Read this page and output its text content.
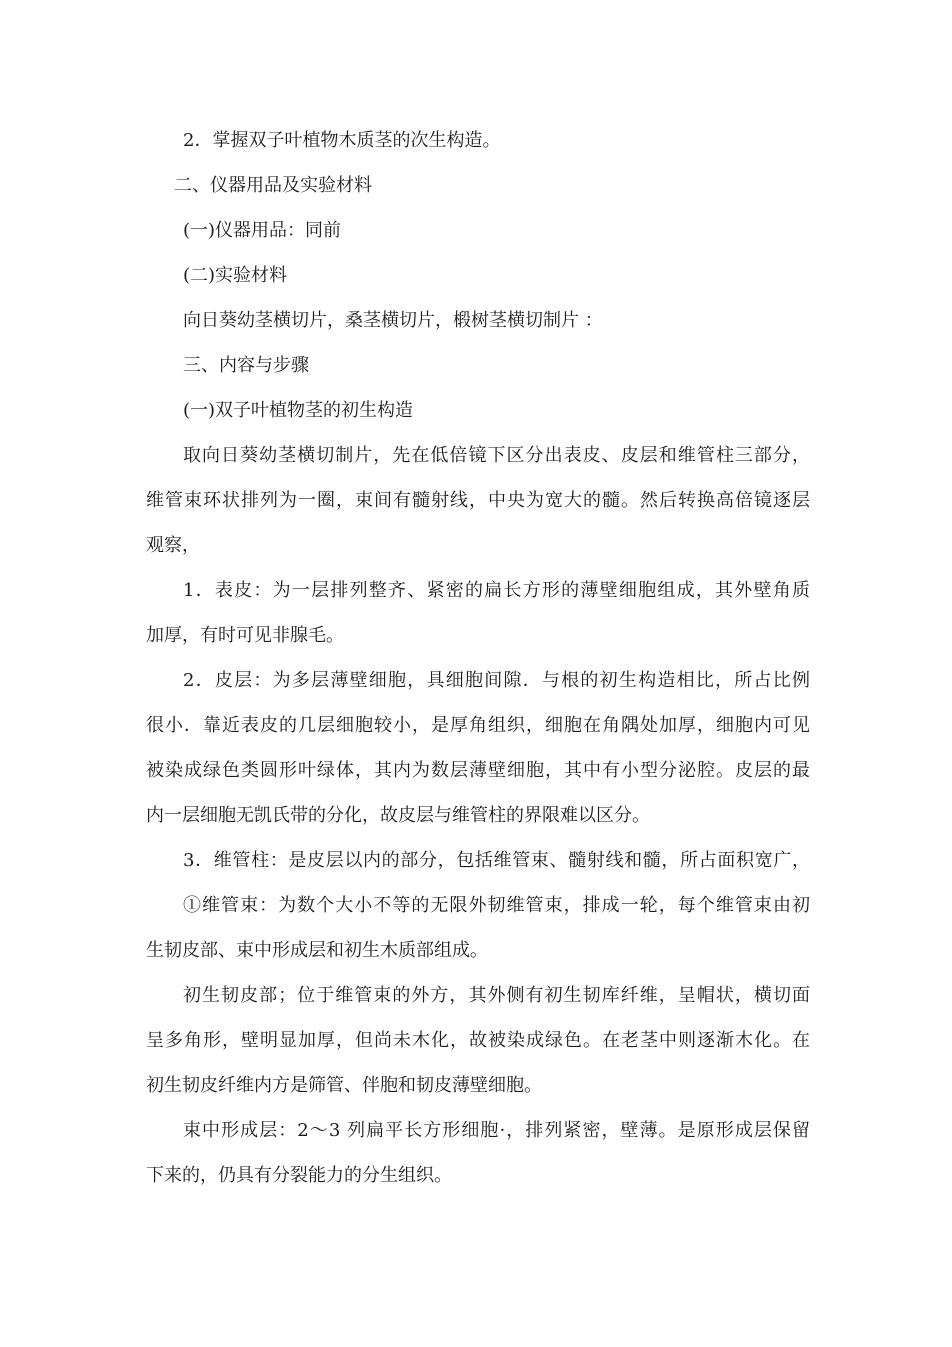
2．掌握双子叶植物木质茎的次生构造。
二、仪器用品及实验材料
(一)仪器用品：同前
(二)实验材料
向日葵幼茎横切片，桑茎横切片，椴树茎横切制片 ：
三、内容与步骤
(一)双子叶植物茎的初生构造
取向日葵幼茎横切制片，先在低倍镜下区分出表皮、皮层和维管柱三部分，
维管束环状排列为一圈，束间有髓射线，中央为宽大的髓。然后转换高倍镜逐层
观察，
1．表皮：为一层排列整齐、紧密的扁长方形的薄壁细胞组成，其外壁角质
加厚，有时可见非腺毛。
2．皮层：为多层薄壁细胞，具细胞间隙．与根的初生构造相比，所占比例
很小．靠近表皮的几层细胞较小，是厚角组织，细胞在角隅处加厚，细胞内可见
被染成绿色类圆形叶绿体，其内为数层薄壁细胞，其中有小型分泌腔。皮层的最
内一层细胞无凯氏带的分化，故皮层与维管柱的界限难以区分。
3．维管柱：是皮层以内的部分，包括维管束、髓射线和髓，所占面积宽广，
①维管束：为数个大小不等的无限外韧维管束，排成一轮，每个维管束由初
生韧皮部、束中形成层和初生木质部组成。
初生韧皮部；位于维管束的外方，其外侧有初生韧库纤维，呈帽状，横切面
呈多角形，壁明显加厚，但尚未木化，故被染成绿色。在老茎中则逐渐木化。在
初生韧皮纤维内方是筛管、伴胞和韧皮薄壁细胞。
束中形成层：2～3 列扁平长方形细胞·，排列紧密，壁薄。是原形成层保留
下来的，仍具有分裂能力的分生组织。
